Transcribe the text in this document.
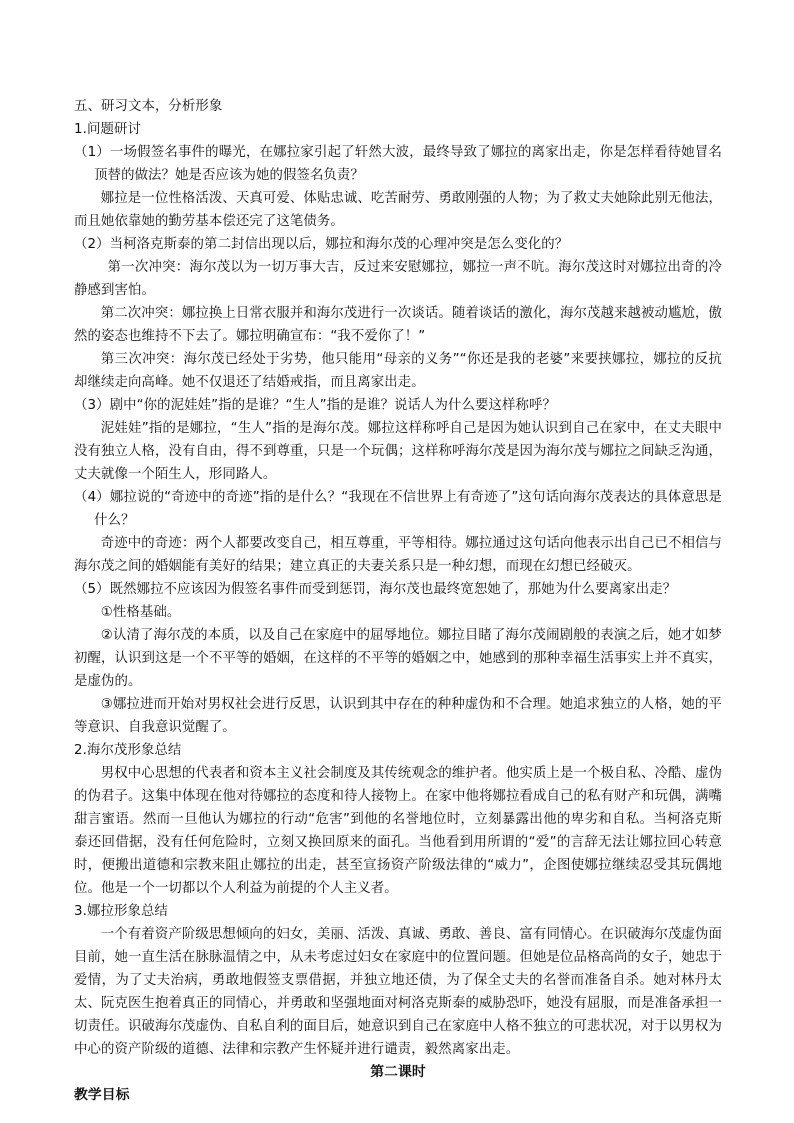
五、研习文本，分析形象

1.问题研讨

（1）一场假签名事件的曝光，在娜拉家引起了轩然大波，最终导致了娜拉的离家出走，你是怎样看待她冒名顶替的做法？她是否应该为她的假签名负责？

娜拉是一位性格活泼、天真可爱、体贴忠诚、吃苦耐劳、勇敢刚强的人物；为了救丈夫她除此别无他法，而且她依靠她的勤劳基本偿还完了这笔债务。

（2）当柯洛克斯泰的第二封信出现以后，娜拉和海尔茂的心理冲突是怎么变化的？

第一次冲突：海尔茂以为一切万事大吉，反过来安慰娜拉，娜拉一声不吭。海尔茂这时对娜拉出奇的冷静感到害怕。

第二次冲突：娜拉换上日常衣服并和海尔茂进行一次谈话。随着谈话的激化，海尔茂越来越被动尴尬，傲然的姿态也维持不下去了。娜拉明确宣布：“我不爱你了！”

第三次冲突：海尔茂已经处于劣势，他只能用“母亲的义务”“你还是我的老婆”来要挟娜拉，娜拉的反抗却继续走向高峰。她不仅退还了结婚戒指，而且离家出走。

（3）剧中“你的泥娃娃”指的是谁？“生人”指的是谁？说话人为什么要这样称呼？

泥娃娃”指的是娜拉，“生人”指的是海尔茂。娜拉这样称呼自己是因为她认识到自己在家中，在丈夫眼中没有独立人格，没有自由，得不到尊重，只是一个玩偶；这样称呼海尔茂是因为海尔茂与娜拉之间缺乏沟通，丈夫就像一个陌生人，形同路人。

（4）娜拉说的“奇迹中的奇迹”指的是什么？“我现在不信世界上有奇迹了”这句话向海尔茂表达的具体意思是什么？

奇迹中的奇迹：两个人都要改变自己，相互尊重，平等相待。娜拉通过这句话向他表示出自己已不相信与海尔茂之间的婚姻能有美好的结果；建立真正的夫妻关系只是一种幻想，而现在幻想已经破灭。

（5）既然娜拉不应该因为假签名事件而受到惩罚，海尔茂也最终宽恕她了，那她为什么要离家出走？

①性格基础。

②认清了海尔茂的本质，以及自己在家庭中的屈辱地位。娜拉目睹了海尔茂闹剧般的表演之后，她才如梦初醒，认识到这是一个不平等的婚姻，在这样的不平等的婚姻之中，她感到的那种幸福生活事实上并不真实，是虚伪的。

③娜拉进而开始对男权社会进行反思，认识到其中存在的种种虚伪和不合理。她追求独立的人格，她的平等意识、自我意识觉醒了。

2.海尔茂形象总结

男权中心思想的代表者和资本主义社会制度及其传统观念的维护者。他实质上是一个极自私、冷酷、虚伪的伪君子。这集中体现在他对待娜拉的态度和待人接物上。在家中他将娜拉看成自己的私有财产和玩偶，满嘴甜言蜜语。然而一旦他认为娜拉的行动“危害”到他的名誉地位时，立刻暴露出他的卑劣和自私。当柯洛克斯泰还回借据，没有任何危险时，立刻又换回原来的面孔。当他看到用所谓的“爱”的言辞无法让娜拉回心转意时，便搬出道德和宗教来阻止娜拉的出走，甚至宣扬资产阶级法律的“威力”，企图使娜拉继续忍受其玩偶地位。他是一个一切都以个人利益为前提的个人主义者。

3.娜拉形象总结

一个有着资产阶级思想倾向的妇女，美丽、活泼、真诚、勇敢、善良、富有同情心。在识破海尔茂虚伪面目前，她一直生活在脉脉温情之中，从未考虑过妇女在家庭中的位置问题。但她是位品格高尚的女子，她忠于爱情，为了丈夫治病，勇敢地假签支票借据，并独立地还债，为了保全丈夫的名誉而准备自杀。她对林丹太太、阮克医生抱着真正的同情心，并勇敢和坚强地面对柯洛克斯泰的威胁恐吓，她没有屈服，而是准备承担一切责任。识破海尔茂虚伪、自私自利的面目后，她意识到自己在家庭中人格不独立的可悲状况，对于以男权为中心的资产阶级的道德、法律和宗教产生怀疑并进行谴责，毅然离家出走。

第二课时

教学目标
